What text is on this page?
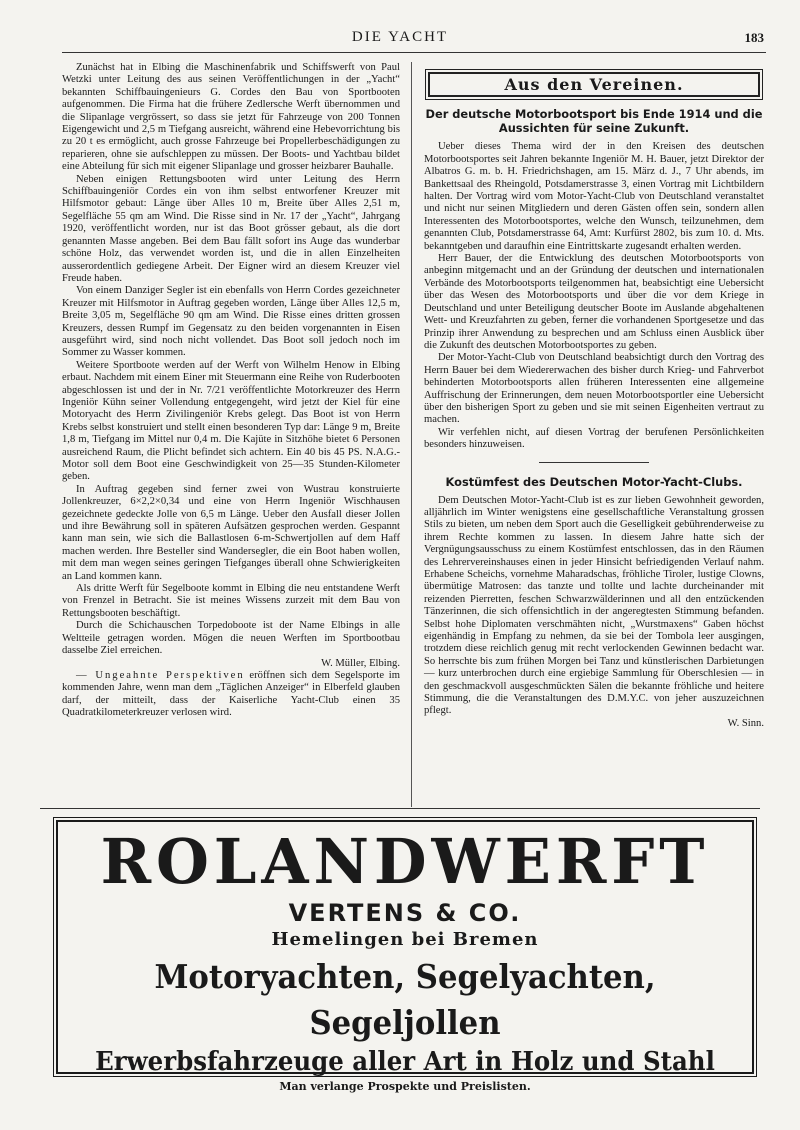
DIE YACHT	183

Zunächst hat in Elbing die Maschinenfabrik und Schiffswerft von Paul Wetzki unter Leitung des aus seinen Veröffentlichungen in der „Yacht“ bekannten Schiffbauingenieurs G. Cordes den Bau von Sportbooten aufgenommen. Die Firma hat die frühere Zedlersche Werft übernommen und die Slipanlage vergrössert, so dass sie jetzt für Fahrzeuge von 200 Tonnen Eigengewicht und 2,5 m Tiefgang ausreicht, während eine Hebevorrichtung bis zu 20 t es ermöglicht, auch grosse Fahrzeuge bei Propellerbeschädigungen zu reparieren, ohne sie aufschleppen zu müssen. Der Boots- und Yachtbau bildet eine Abteilung für sich mit eigener Slipanlage und grosser heizbarer Bauhalle.

Neben einigen Rettungsbooten wird unter Leitung des Herrn Schiffbauingeniör Cordes ein von ihm selbst entworfener Kreuzer mit Hilfsmotor gebaut: Länge über Alles 10 m, Breite über Alles 2,51 m, Segelfläche 55 qm am Wind. Die Risse sind in Nr. 17 der „Yacht“, Jahrgang 1920, veröffentlicht worden, nur ist das Boot grösser gebaut, als die dort genannten Masse angeben. Bei dem Bau fällt sofort ins Auge das wunderbar schöne Holz, das verwendet worden ist, und die in allen Einzelheiten ausserordentlich gediegene Arbeit. Der Eigner wird an diesem Kreuzer viel Freude haben.

Von einem Danziger Segler ist ein ebenfalls von Herrn Cordes gezeichneter Kreuzer mit Hilfsmotor in Auftrag gegeben worden, Länge über Alles 12,5 m, Breite 3,05 m, Segelfläche 90 qm am Wind. Die Risse eines dritten grossen Kreuzers, dessen Rumpf im Gegensatz zu den beiden vorgenannten in Eisen ausgeführt wird, sind noch nicht vollendet. Das Boot soll jedoch noch im Sommer zu Wasser kommen.

Weitere Sportboote werden auf der Werft von Wilhelm Henow in Elbing erbaut. Nachdem mit einem Einer mit Steuermann eine Reihe von Ruderbooten abgeschlossen ist und der in Nr. 7/21 veröffentlichte Motorkreuzer des Herrn Ingeniör Kühn seiner Vollendung entgegengeht, wird jetzt der Kiel für eine Motoryacht des Herrn Zivilingeniör Krebs gelegt. Das Boot ist von Herrn Krebs selbst konstruiert und stellt einen besonderen Typ dar: Länge 9 m, Breite 1,8 m, Tiefgang im Mittel nur 0,4 m. Die Kajüte in Sitzhöhe bietet 6 Personen ausreichend Raum, die Plicht befindet sich achtern. Ein 40 bis 45 PS. N.A.G.-Motor soll dem Boot eine Geschwindigkeit von 25—35 Stunden-Kilometer geben.

In Auftrag gegeben sind ferner zwei von Wustrau konstruierte Jollenkreuzer, 6×2,2×0,34 und eine von Herrn Ingeniör Wischhausen gezeichnete gedeckte Jolle von 6,5 m Länge. Ueber den Ausfall dieser Jollen und ihre Bewährung soll in späteren Aufsätzen gesprochen werden. Gespannt kann man sein, wie sich die Ballastlosen 6-m-Schwertjollen auf dem Haff machen werden. Ihre Besteller sind Wandersegler, die ein Boot haben wollen, mit dem man wegen seines geringen Tiefganges überall ohne Schwierigkeiten an Land kommen kann.

Als dritte Werft für Segelboote kommt in Elbing die neu entstandene Werft von Frenzel in Betracht. Sie ist meines Wissens zurzeit mit dem Bau von Rettungsbooten beschäftigt.

Durch die Schichauschen Torpedoboote ist der Name Elbings in alle Weltteile getragen worden. Mögen die neuen Werften im Sportbootbau dasselbe Ziel erreichen.

W. Müller, Elbing.

— Ungeahnte Perspektiven eröffnen sich dem Segelsporte im kommenden Jahre, wenn man dem „Täglichen Anzeiger“ in Elberfeld glauben darf, der mitteilt, dass der Kaiserliche Yacht-Club einen 35 Quadratkilometerkreuzer verlosen wird.

Aus den Vereinen.
Der deutsche Motorbootsport bis Ende 1914 und die Aussichten für seine Zukunft.

Ueber dieses Thema wird der in den Kreisen des deutschen Motorbootsportes seit Jahren bekannte Ingeniör M. H. Bauer, jetzt Direktor der Albatros G. m. b. H. Friedrichshagen, am 15. März d. J., 7 Uhr abends, im Bankettsaal des Rheingold, Potsdamerstrasse 3, einen Vortrag mit Lichtbildern halten. Der Vortrag wird vom Motor-Yacht-Club von Deutschland veranstaltet und nicht nur seinen Mitgliedern und deren Gästen offen sein, sondern allen Interessenten des Motorbootsportes, welche den Wunsch, teilzunehmen, dem genannten Club, Potsdamerstrasse 64, Amt: Kurfürst 2802, bis zum 10. d. Mts. bekanntgeben und daraufhin eine Eintrittskarte zugesandt erhalten werden.

Herr Bauer, der die Entwicklung des deutschen Motorbootsports von anbeginn mitgemacht und an der Gründung der deutschen und internationalen Verbände des Motorbootsports teilgenommen hat, beabsichtigt eine Uebersicht über das Wesen des Motorbootsports und über die vor dem Kriege in Deutschland und unter Beteiligung deutscher Boote im Auslande abgehaltenen Wett- und Kreuzfahrten zu geben, ferner die vorhandenen Sportgesetze und das Prinzip ihrer Anwendung zu besprechen und am Schluss einen Ausblick über die Zukunft des deutschen Motorbootsportes zu geben.

Der Motor-Yacht-Club von Deutschland beabsichtigt durch den Vortrag des Herrn Bauer bei dem Wiedererwachen des bisher durch Krieg- und Fahrverbot behinderten Motorbootsports allen früheren Interessenten eine allgemeine Auffrischung der Erinnerungen, dem neuen Motorbootsportler eine Uebersicht über den bisherigen Sport zu geben und sie mit seinen Eigenheiten vertraut zu machen.

Wir verfehlen nicht, auf diesen Vortrag der berufenen Persönlichkeiten besonders hinzuweisen.

Kostümfest des Deutschen Motor-Yacht-Clubs.

Dem Deutschen Motor-Yacht-Club ist es zur lieben Gewohnheit geworden, alljährlich im Winter wenigstens eine gesellschaftliche Veranstaltung grossen Stils zu bieten, um neben dem Sport auch die Geselligkeit gebührenderweise zu ihrem Rechte kommen zu lassen. In diesem Jahre hatte sich der Vergnügungsausschuss zu einem Kostümfest entschlossen, das in den Räumen des Lehrervereinshauses einen in jeder Hinsicht befriedigenden Verlauf nahm. Erhabene Scheichs, vornehme Maharadschas, fröhliche Tiroler, lustige Clowns, übermütige Matrosen: das tanzte und tollte und lachte durcheinander mit reizenden Pierretten, feschen Schwarzwälderinnen und all den entzückenden Tänzerinnen, die sich offensichtlich in der angeregtesten Stimmung befanden. Selbst hohe Diplomaten verschmähten nicht, „Wurstmaxens“ Gaben höchst eigenhändig in Empfang zu nehmen, da sie bei der Tombola leer ausgingen, trotzdem diese reichlich genug mit recht verlockenden Gewinnen bedacht war. So herrschte bis zum frühen Morgen bei Tanz und künstlerischen Darbietungen — kurz unterbrochen durch eine ergiebige Sammlung für Oberschlesien — in den geschmackvoll ausgeschmückten Sälen die bekannte fröhliche und heitere Stimmung, die die Veranstaltungen des D.M.Y.C. von jeher auszuzeichnen pflegt.

W. Sinn.

ROLANDWERFT
VERTENS & CO.
Hemelingen bei Bremen
Motoryachten, Segelyachten, Segeljollen
Erwerbsfahrzeuge aller Art in Holz und Stahl
Man verlange Prospekte und Preislisten.
